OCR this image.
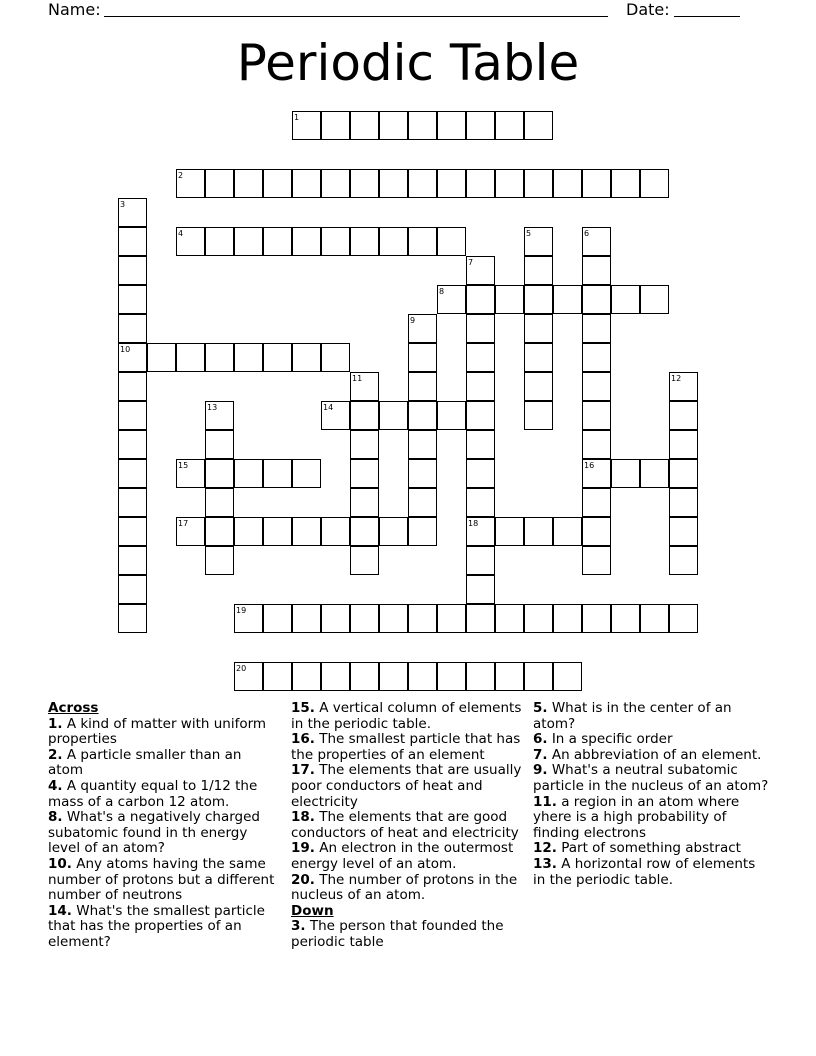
Name:	Date:
Periodic Table
1
2
3
4	5	6
7
8
9
10
11	12
13	14
15	16
17	18
19
20
Across
1. A kind of matter with uniform properties
2. A particle smaller than an atom
4. A quantity equal to 1/12 the mass of a carbon 12 atom.
8. What's a negatively charged subatomic found in th energy level of an atom?
10. Any atoms having the same number of protons but a different number of neutrons
14. What's the smallest particle that has the properties of an element?
15. A vertical column of elements in the periodic table.
16. The smallest particle that has the properties of an element
17. The elements that are usually poor conductors of heat and electricity
18. The elements that are good conductors of heat and electricity
19. An electron in the outermost energy level of an atom.
20. The number of protons in the nucleus of an atom.
Down
3. The person that founded the periodic table
5. What is in the center of an atom?
6. In a specific order
7. An abbreviation of an element.
9. What's a neutral subatomic particle in the nucleus of an atom?
11. a region in an atom where yhere is a high probability of finding electrons
12. Part of something abstract
13. A horizontal row of elements in the periodic table.
